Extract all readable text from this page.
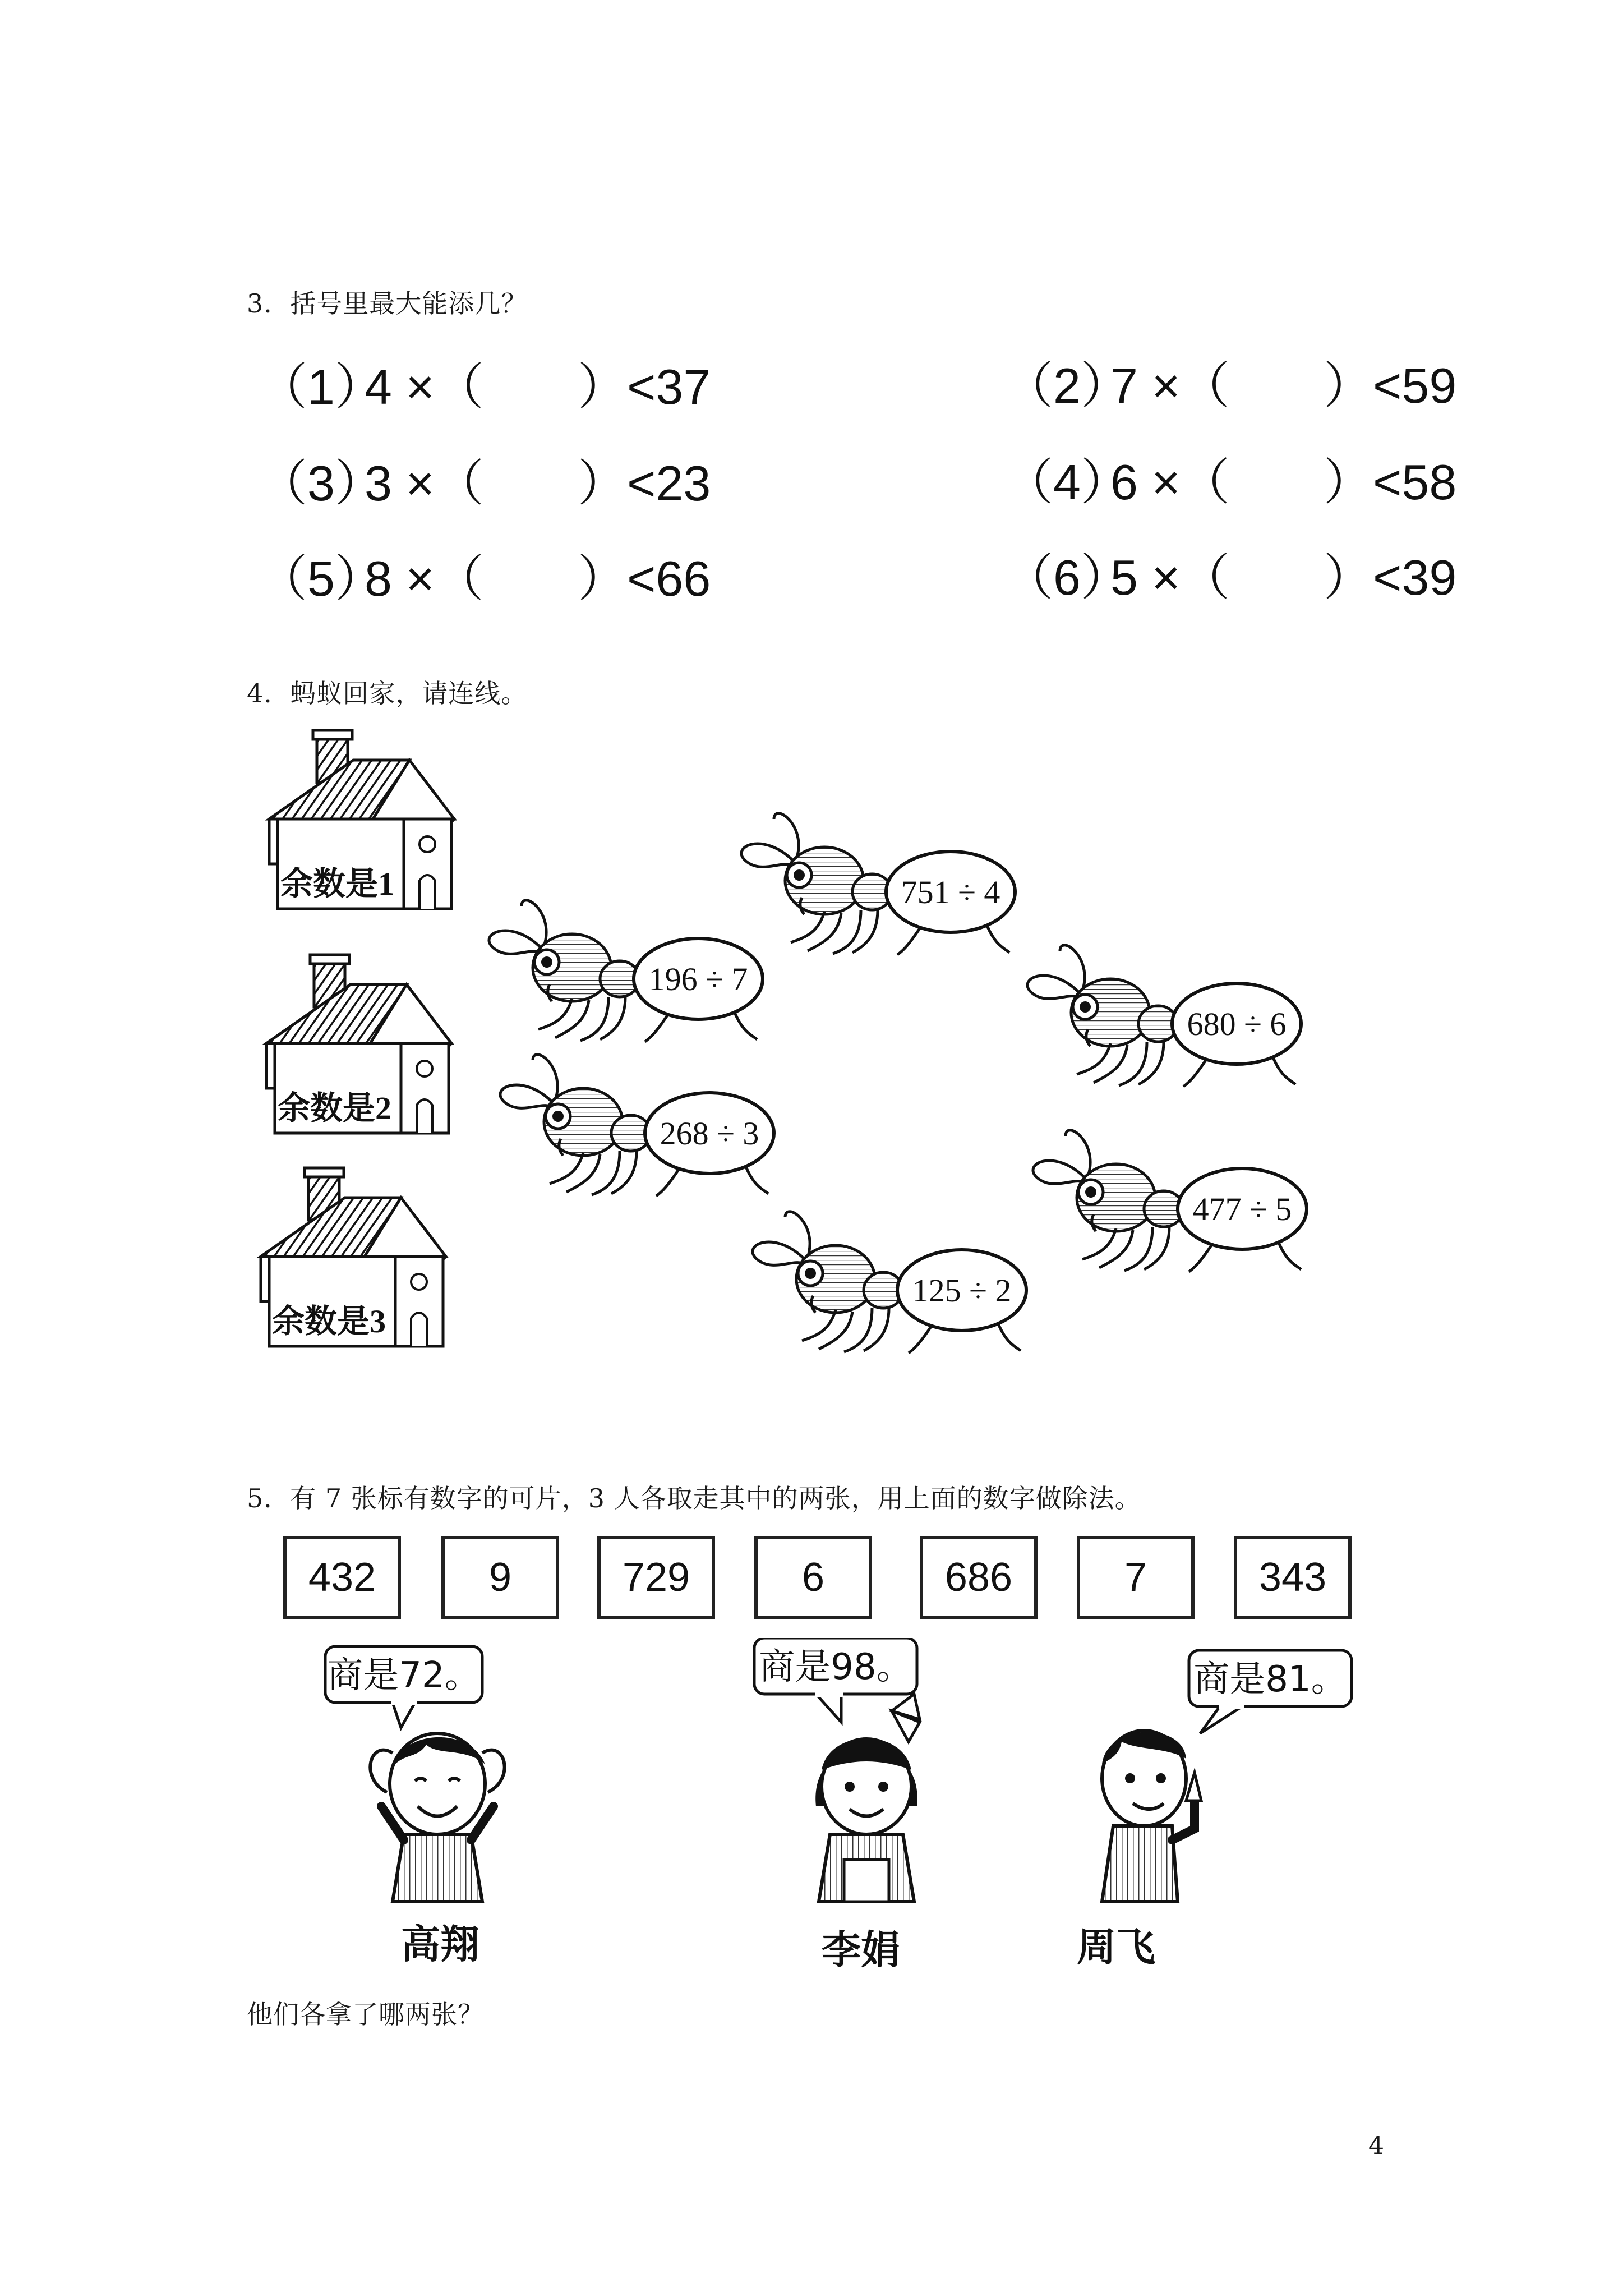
3．括号里最大能添几？
（1）
4 ×（ ）<37	（2）
7 ×（ ）<59
（3）
3 ×（ ）<23	（4）
6 ×（ ）<58
（5）
8 ×（ ）<66	（6）
5 ×（ ）<39
4．蚂蚁回家，请连线。
余数是1
余数是2
余数是3
751 ÷ 4
196 ÷ 7
680 ÷ 6
268 ÷ 3
477 ÷ 5
125 ÷ 2
5．有 7 张标有数字的可片，3 人各取走其中的两张，用上面的数字做除法。
432	9	729	6	686	7	343
商是72。
高翔
商是98。
李娟
商是81。
周飞
他们各拿了哪两张？
4
